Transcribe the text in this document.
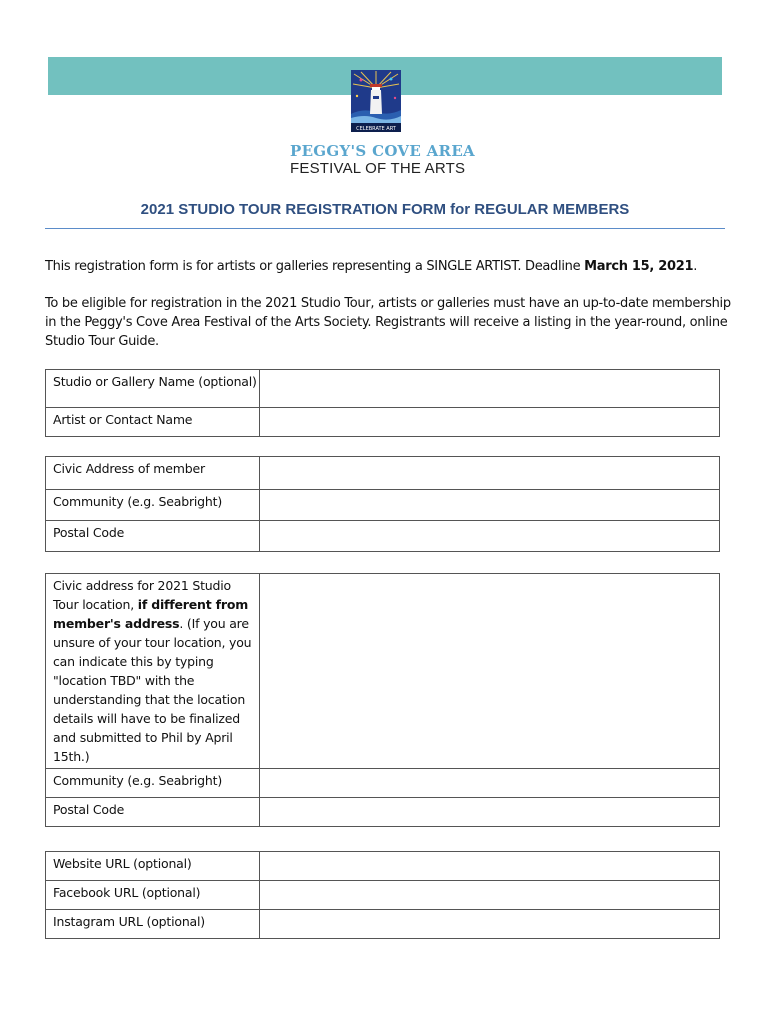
CELEBRATE ART
PEGGY'S COVE AREA
FESTIVAL OF THE ARTS
2021 STUDIO TOUR REGISTRATION FORM for REGULAR MEMBERS
This registration form is for artists or galleries representing a SINGLE ARTIST. Deadline March 15, 2021.
To be eligible for registration in the 2021 Studio Tour, artists or galleries must have an up-to-date membership in the Peggy's Cove Area Festival of the Arts Society. Registrants will receive a listing in the year-round, online Studio Tour Guide.
Studio or Gallery Name (optional)	
Artist or Contact Name	
Civic Address of member	
Community (e.g. Seabright)	
Postal Code	
Civic address for 2021 Studio Tour location, if different from member's address. (If you are unsure of your tour location, you can indicate this by typing "location TBD" with the understanding that the location details will have to be finalized and submitted to Phil by April 15th.)	
Community (e.g. Seabright)	
Postal Code	
Website URL (optional)	
Facebook URL (optional)	
Instagram URL (optional)	
